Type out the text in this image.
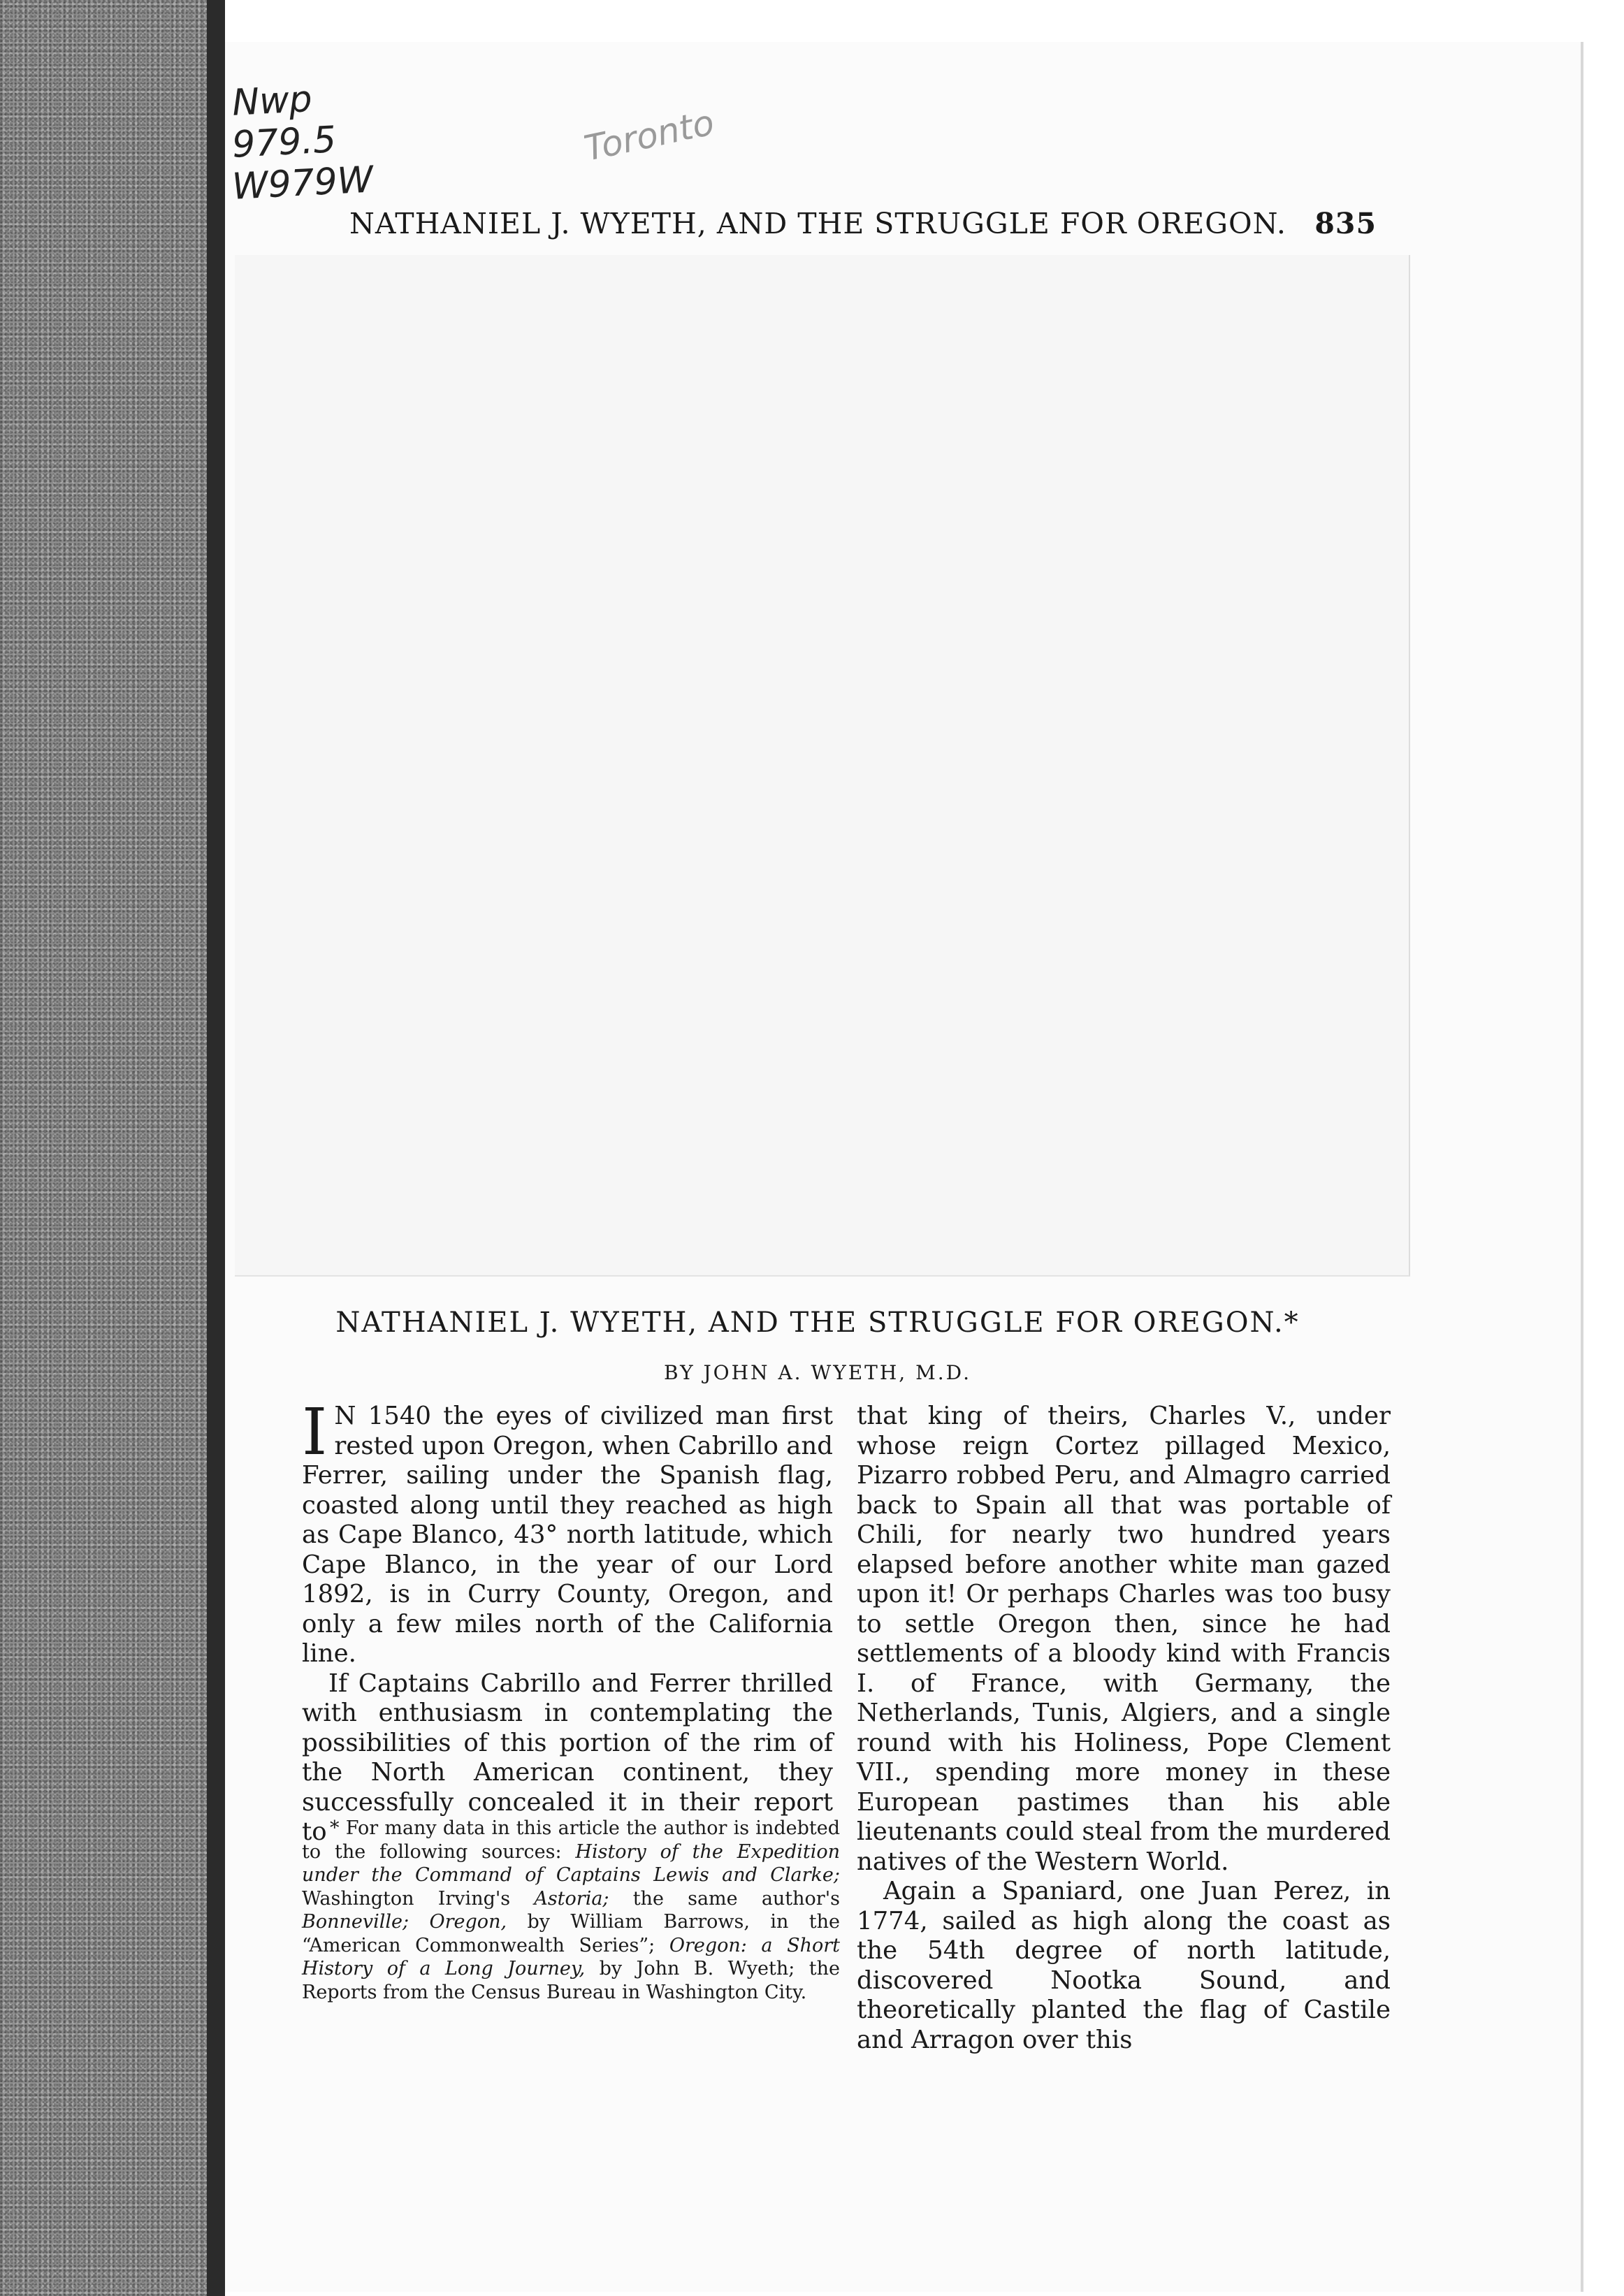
Nwp
979.5
W979W
Toronto
NATHANIEL J. WYETH, AND THE STRUGGLE FOR OREGON. 835
NATHANIEL J. WYETH, AND THE STRUGGLE FOR OREGON.*
BY JOHN A. WYETH, M.D.

I N 1540 the eyes of civilized man first rested upon Oregon, when Cabrillo and Ferrer, sailing under the Spanish flag, coasted along until they reached as high as Cape Blanco, 43° north latitude, which Cape Blanco, in the year of our Lord 1892, is in Curry County, Oregon, and only a few miles north of the California line.

If Captains Cabrillo and Ferrer thrilled with enthusiasm in contemplating the possibilities of this portion of the rim of the North American continent, they successfully concealed it in their report to

that king of theirs, Charles V., under whose reign Cortez pillaged Mexico, Pizarro robbed Peru, and Almagro carried back to Spain all that was portable of Chili, for nearly two hundred years elapsed before another white man gazed upon it! Or perhaps Charles was too busy to settle Oregon then, since he had settlements of a bloody kind with Francis I. of France, with Germany, the Netherlands, Tunis, Algiers, and a single round with his Holiness, Pope Clement VII., spending more money in these European pastimes than his able lieutenants could steal from the murdered natives of the Western World.

Again a Spaniard, one Juan Perez, in 1774, sailed as high along the coast as the 54th degree of north latitude, discovered Nootka Sound, and theoretically planted the flag of Castile and Arragon over this

* For many data in this article the author is indebted to the following sources: History of the Expedition under the Command of Captains Lewis and Clarke; Washington Irving's Astoria; the same author's Bonneville; Oregon, by William Barrows, in the “American Commonwealth Series”; Oregon: a Short History of a Long Journey, by John B. Wyeth; the Reports from the Census Bureau in Washington City.
